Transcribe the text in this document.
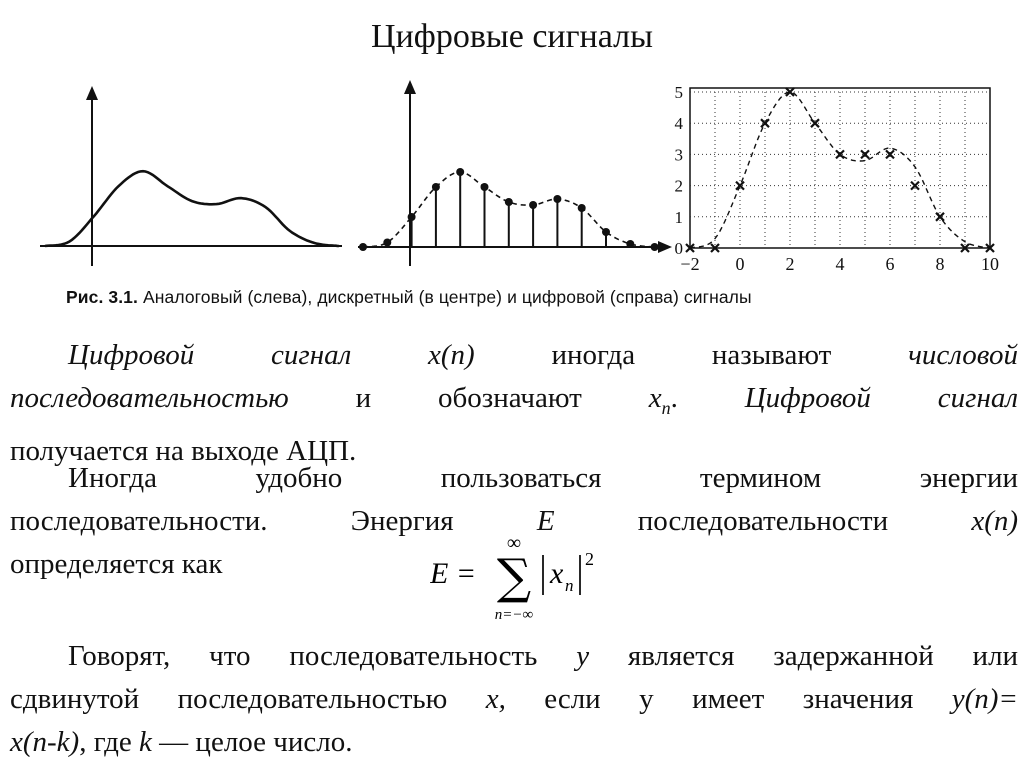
Цифровые сигналы
0
1
2
3
4
5
−2 0 2 4 6 8 10
Рис. 3.1. Аналоговый (слева), дискретный (в центре) и цифровой (справа) сигналы
Цифровой	сигнал	x(n)	иногда	называют	числовой
последовательностью и обозначают $x_n$. Цифровой сигнал
получается на выходе АЦП.
Иногда	удобно	пользоваться	термином	энергии
последовательности.	Энергия	E	последовательности	x(n)
определяется как	E =
∞
∑
n=−∞
x n
2
Говорят, что последовательность y является задержанной или
сдвинутой последовательностью x, если у имеет значения y(n)=
x(n-k), где k — целое число.
